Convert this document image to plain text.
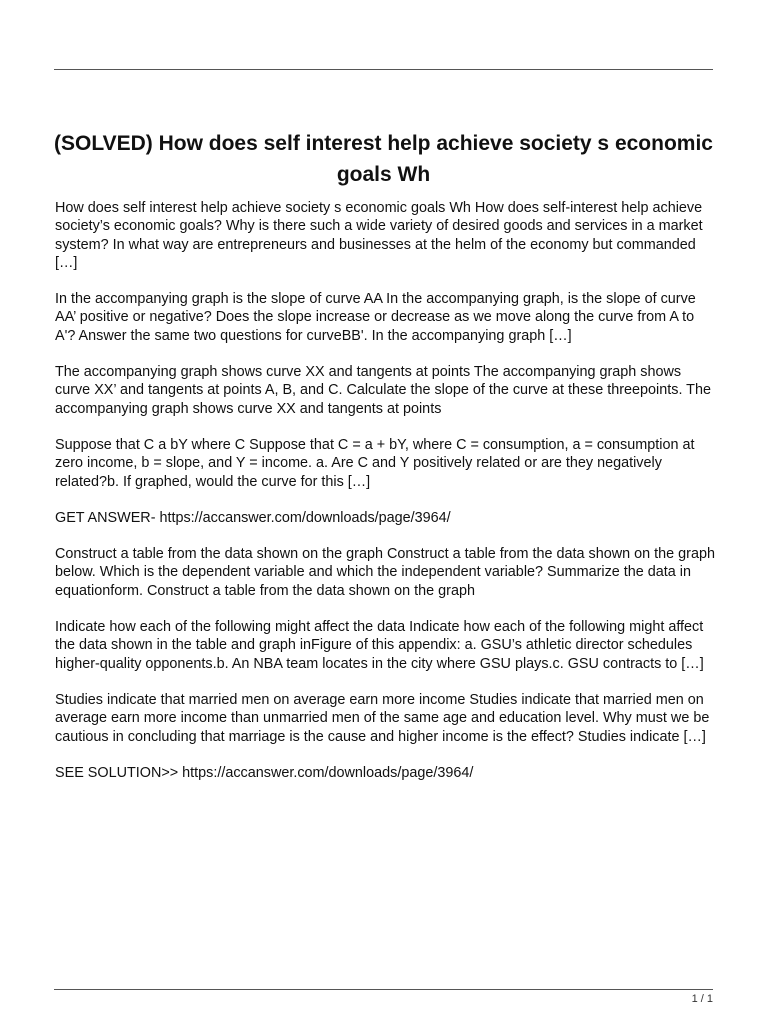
(SOLVED) How does self interest help achieve society s economic goals Wh

How does self interest help achieve society s economic goals Wh How does self-interest help achieve society’s economic goals? Why is there such a wide variety of desired goods and services in a market system? In what way are entrepreneurs and businesses at the helm of the economy but commanded […]

In the accompanying graph is the slope of curve AA In the accompanying graph, is the slope of curve AA’ positive or negative? Does the slope increase or decrease as we move along the curve from A to A'? Answer the same two questions for curveBB'. In the accompanying graph […]

The accompanying graph shows curve XX and tangents at points The accompanying graph shows curve XX’ and tangents at points A, B, and C. Calculate the slope of the curve at these threepoints. The accompanying graph shows curve XX and tangents at points

Suppose that C a bY where C Suppose that C = a + bY, where C = consumption, a = consumption at zero income, b = slope, and Y = income. a. Are C and Y positively related or are they negatively related?b. If graphed, would the curve for this […]

GET ANSWER- https://accanswer.com/downloads/page/3964/

Construct a table from the data shown on the graph Construct a table from the data shown on the graph below. Which is the dependent variable and which the independent variable? Summarize the data in equationform. Construct a table from the data shown on the graph

Indicate how each of the following might affect the data Indicate how each of the following might affect the data shown in the table and graph inFigure of this appendix: a. GSU’s athletic director schedules higher-quality opponents.b. An NBA team locates in the city where GSU plays.c. GSU contracts to […]

Studies indicate that married men on average earn more income Studies indicate that married men on average earn more income than unmarried men of the same age and education level. Why must we be cautious in concluding that marriage is the cause and higher income is the effect? Studies indicate […]

SEE SOLUTION>> https://accanswer.com/downloads/page/3964/

1 / 1
